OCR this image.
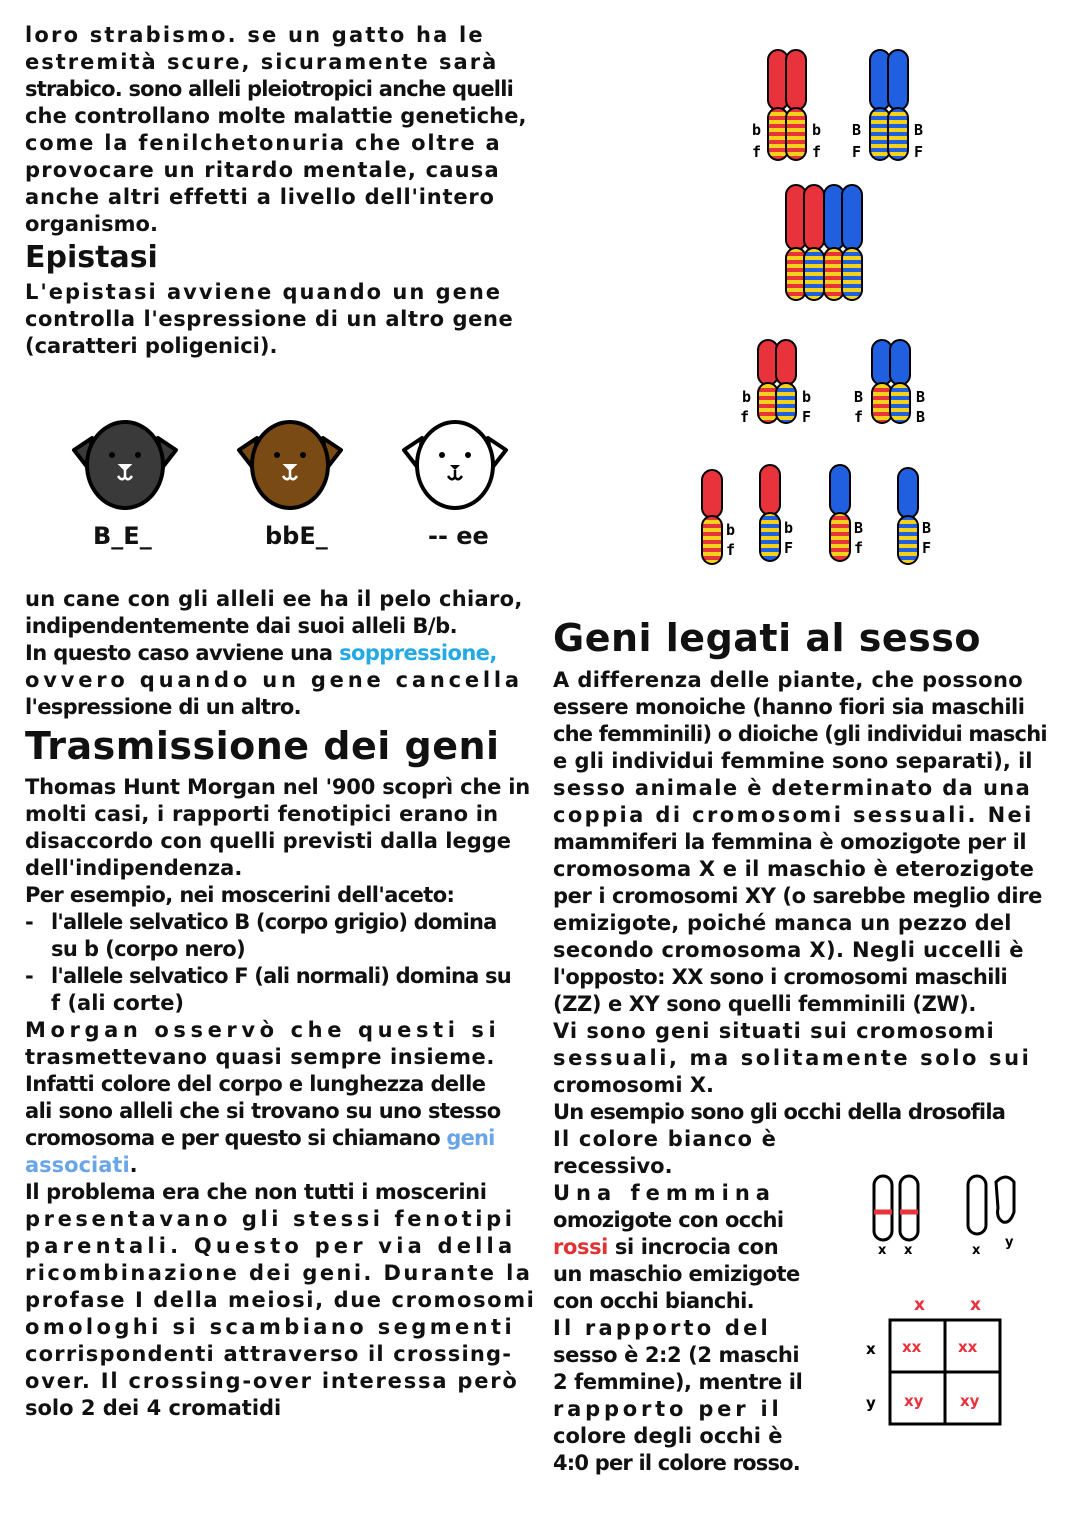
loro strabismo. se un gatto ha le
estremità scure, sicuramente sarà
strabico. sono alleli pleiotropici anche quelli
che controllano molte malattie genetiche,
come la fenilchetonuria che oltre a
provocare un ritardo mentale, causa
anche altri effetti a livello dell'intero
organismo.
Epistasi
L'epistasi avviene quando un gene
controlla l'espressione di un altro gene
(caratteri poligenici).
B_E_	bbE_	-- ee
un cane con gli alleli ee ha il pelo chiaro,
indipendentemente dai suoi alleli B/b.
In questo caso avviene una soppressione,
ovvero quando un gene cancella
l'espressione di un altro.
Trasmissione dei geni
Thomas Hunt Morgan nel '900 scoprì che in
molti casi, i rapporti fenotipici erano in
disaccordo con quelli previsti dalla legge
dell'indipendenza.
Per esempio, nei moscerini dell'aceto:
- l'allele selvatico B (corpo grigio) domina
su b (corpo nero)
- l'allele selvatico F (ali normali) domina su
f (ali corte)
Morgan osservò che questi si
trasmettevano quasi sempre insieme.
Infatti colore del corpo e lunghezza delle
ali sono alleli che si trovano su uno stesso
cromosoma e per questo si chiamano geni
associati.
Il problema era che non tutti i moscerini
presentavano gli stessi fenotipi
parentali. Questo per via della
ricombinazione dei geni. Durante la
profase I della meiosi, due cromosomi
omologhi si scambiano segmenti
corrispondenti attraverso il crossing-
over. Il crossing-over interessa però
solo 2 dei 4 cromatidi
b
f
b
f
B
F
B
F
b
f
b
F
B
f
B
B
b
f
b
F
B
f
B
F
Geni legati al sesso
A differenza delle piante, che possono
essere monoiche (hanno fiori sia maschili
che femminili) o dioiche (gli individui maschi
e gli individui femmine sono separati), il
sesso animale è determinato da una
coppia di cromosomi sessuali. Nei
mammiferi la femmina è omozigote per il
cromosoma X e il maschio è eterozigote
per i cromosomi XY (o sarebbe meglio dire
emizigote, poiché manca un pezzo del
secondo cromosoma X). Negli uccelli è
l'opposto: XX sono i cromosomi maschili
(ZZ) e XY sono quelli femminili (ZW).
Vi sono geni situati sui cromosomi
sessuali, ma solitamente solo sui
cromosomi X.
Un esempio sono gli occhi della drosofila
Il colore bianco è
recessivo.
Una femmina
omozigote con occhi
rossi si incrocia con
un maschio emizigote
con occhi bianchi.
Il rapporto del
sesso è 2:2 (2 maschi
2 femmine), mentre il
rapporto per il
colore degli occhi è
4:0 per il colore rosso.
x x	x
y
x	x
x
y
xx xx
xy xy
